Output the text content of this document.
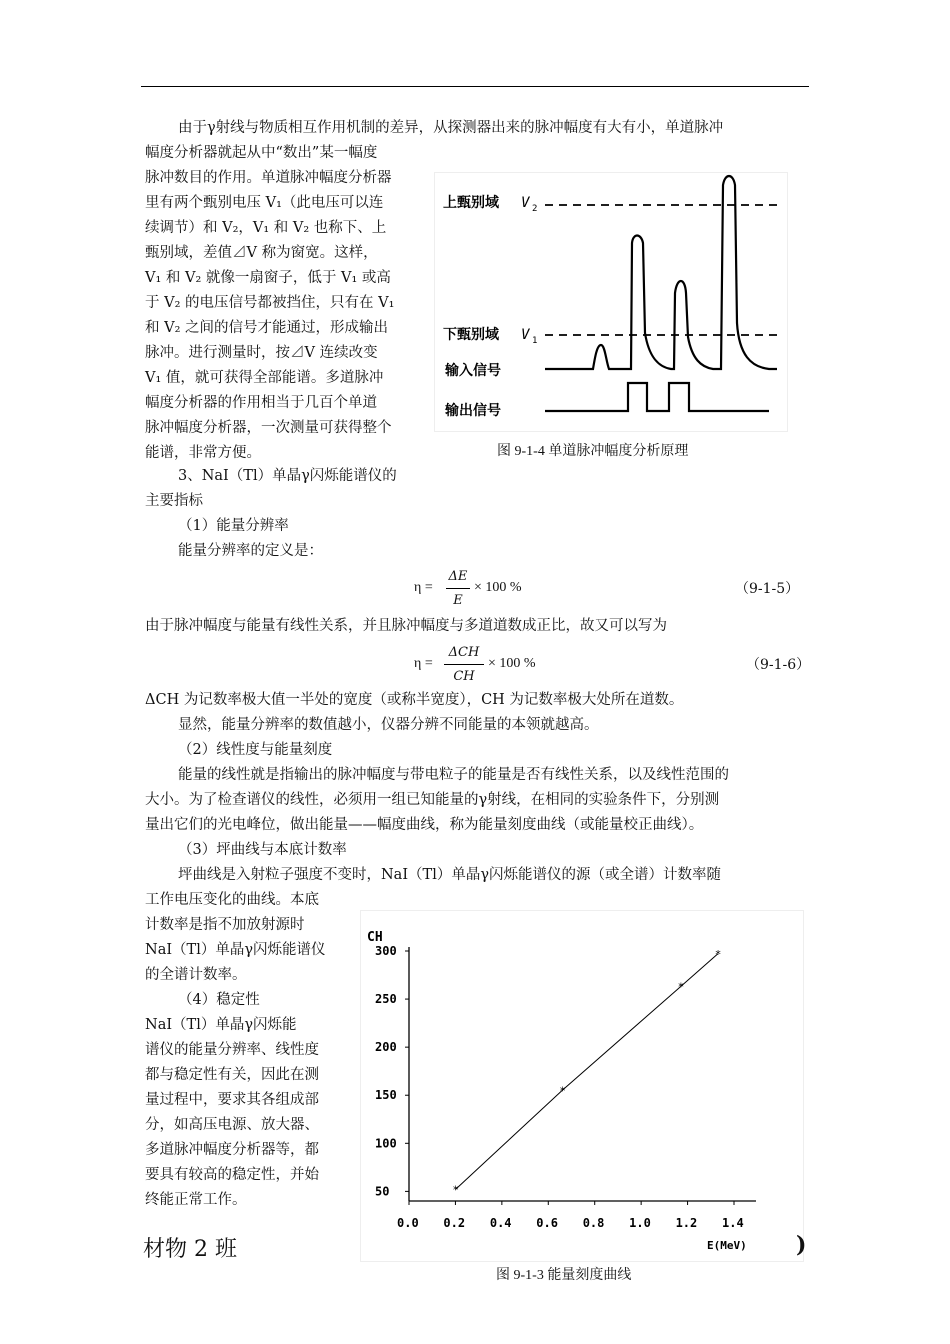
由于γ射线与物质相互作用机制的差异，从探测器出来的脉冲幅度有大有小，单道脉冲
幅度分析器就起从中“数出”某一幅度
脉冲数目的作用。单道脉冲幅度分析器
里有两个甄别电压 V₁（此电压可以连
续调节）和 V₂，V₁ 和 V₂ 也称下、上
甄别域，差值⊿V 称为窗宽。这样，
V₁ 和 V₂ 就像一扇窗子，低于 V₁ 或高
于 V₂ 的电压信号都被挡住，只有在 V₁
和 V₂ 之间的信号才能通过，形成输出
脉冲。进行测量时，按⊿V 连续改变
V₁ 值，就可获得全部能谱。多道脉冲
幅度分析器的作用相当于几百个单道
脉冲幅度分析器，一次测量可获得整个
能谱，非常方便。
3、NaI（Tl）单晶γ闪烁能谱仪的
主要指标
（1）能量分辨率
能量分辨率的定义是：
η =
ΔE
E
× 100 %	（9-1-5）
由于脉冲幅度与能量有线性关系，并且脉冲幅度与多道道数成正比，故又可以写为
η =
ΔCH
CH
× 100 %	（9-1-6）
ΔCH 为记数率极大值一半处的宽度（或称半宽度），CH 为记数率极大处所在道数。
显然，能量分辨率的数值越小，仪器分辨不同能量的本领就越高。
（2）线性度与能量刻度
能量的线性就是指输出的脉冲幅度与带电粒子的能量是否有线性关系，以及线性范围的
大小。为了检查谱仪的线性，必须用一组已知能量的γ射线，在相同的实验条件下，分别测
量出它们的光电峰位，做出能量——幅度曲线，称为能量刻度曲线（或能量校正曲线）。
（3）坪曲线与本底计数率
坪曲线是入射粒子强度不变时，NaI（Tl）单晶γ闪烁能谱仪的源（或全谱）计数率随
工作电压变化的曲线。本底
计数率是指不加放射源时
NaI（Tl）单晶γ闪烁能谱仪
的全谱计数率。
（4）稳定性
NaI（Tl）单晶γ闪烁能
谱仪的能量分辨率、线性度
都与稳定性有关，因此在测
量过程中，要求其各组成部
分，如高压电源、放大器、
多道脉冲幅度分析器等，都
要具有较高的稳定性，并始
终能正常工作。
上甄别域 V 2
下甄别域 V 1
输入信号
输出信号
图 9-1-4 单道脉冲幅度分析原理
CH
300
250
200
150
100
50
0.0 0.2 0.4 0.6 0.8 1.0 1.2 1.4
*
*
*
*
E(MeV)
图 9-1-3 能量刻度曲线
材物 2 班	)
